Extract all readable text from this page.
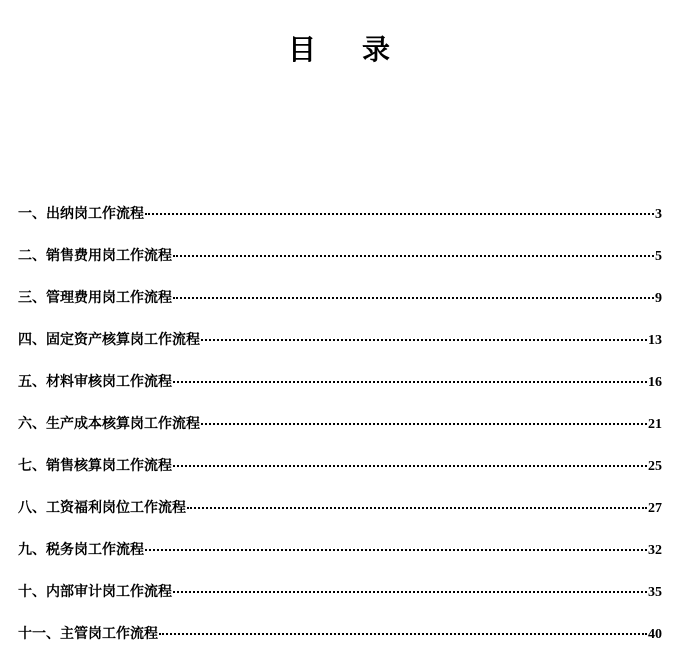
目 录
一、出纳岗工作流程	3
二、销售费用岗工作流程	5
三、管理费用岗工作流程	9
四、固定资产核算岗工作流程	13
五、材料审核岗工作流程	16
六、生产成本核算岗工作流程	21
七、销售核算岗工作流程	25
八、工资福利岗位工作流程	27
九、税务岗工作流程	32
十、内部审计岗工作流程	35
十一、主管岗工作流程	40
